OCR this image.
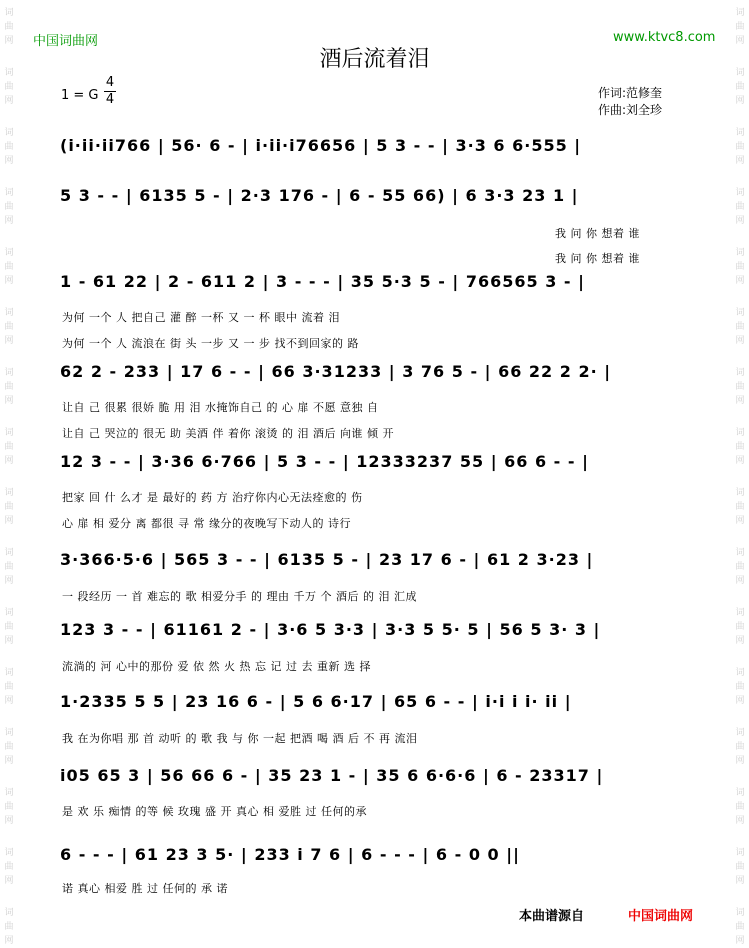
词
曲
网
词
曲
网
词
曲
网
词
曲
网
词
曲
网
词
曲
网
词
曲
网
词
曲
网
词
曲
网
词
曲
网
词
曲
网
词
曲
网
词
曲
网
词
曲
网
词
曲
网
词
曲
网
词
曲
网
词
曲
网
词
曲
网
词
曲
网
词
曲
网
词
曲
网
词
曲
网
词
曲
网
词
曲
网
词
曲
网
词
曲
网
词
曲
网
词
曲
网
词
曲
网
词
曲
网
词
曲
网
中国词曲网	www.ktvc8.com
酒后流着泪
1 = G
4
4	作词:范修奎
作曲:刘全珍
(i·ii·ii766 | 56· 6 - | i·ii·i76656 | 5 3 - - | 3·3 6 6·555 |
5 3 - - | 6135 5 - | 2·3 176 - | 6 - 55 66) | 6 3·3 23 1 |
我 问 你 想着 谁
我 问 你 想着 谁
1 - 61 22 | 2 - 611 2 | 3 - - - | 35 5·3 5 - | 766565 3 - |
为何 一个 人 把自己 灌 醉 一杯 又 一 杯 眼中 流着 泪
为何 一个 人 流浪在 街 头 一步 又 一 步 找不到回家的 路
62 2 - 233 | 17 6 - - | 66 3·31233 | 3 76 5 - | 66 22 2 2· |
让自 己 很累 很娇 脆 用 泪 水掩饰自己 的 心 扉 不愿 意独 自
让自 己 哭泣的 很无 助 美酒 伴 着你 滚烫 的 泪 酒后 向谁 倾 开
12 3 - - | 3·36 6·766 | 5 3 - - | 12333237 55 | 66 6 - - |
把家 回 什 么才 是 最好的 药 方 治疗你内心无法痊愈的 伤
心 扉 相 爱分 离 都很 寻 常 缘分的夜晚写下动人的 诗行
3·366·5·6 | 565 3 - - | 6135 5 - | 23 17 6 - | 61 2 3·23 |
一 段经历 一 首 难忘的 歌 相爱分手 的 理由 千万 个 酒后 的 泪 汇成
123 3 - - | 61161 2 - | 3·6 5 3·3 | 3·3 5 5· 5 | 56 5 3· 3 |
流淌的 河 心中的那份 爱 依 然 火 热 忘 记 过 去 重新 选 择
1·2335 5 5 | 23 16 6 - | 5 6 6·17 | 65 6 - - | i·i i i· ii |
我 在为你唱 那 首 动听 的 歌 我 与 你 一起 把酒 喝 酒 后 不 再 流泪
i05 65 3 | 56 66 6 - | 35 23 1 - | 35 6 6·6·6 | 6 - 23317 |
是 欢 乐 痴情 的等 候 玫瑰 盛 开 真心 相 爱胜 过 任何的承
6 - - - | 61 23 3 5· | 233 i 7 6 | 6 - - - | 6 - 0 0 ||
诺 真心 相爱 胜 过 任何的 承 诺
本曲谱源自	中国词曲网
